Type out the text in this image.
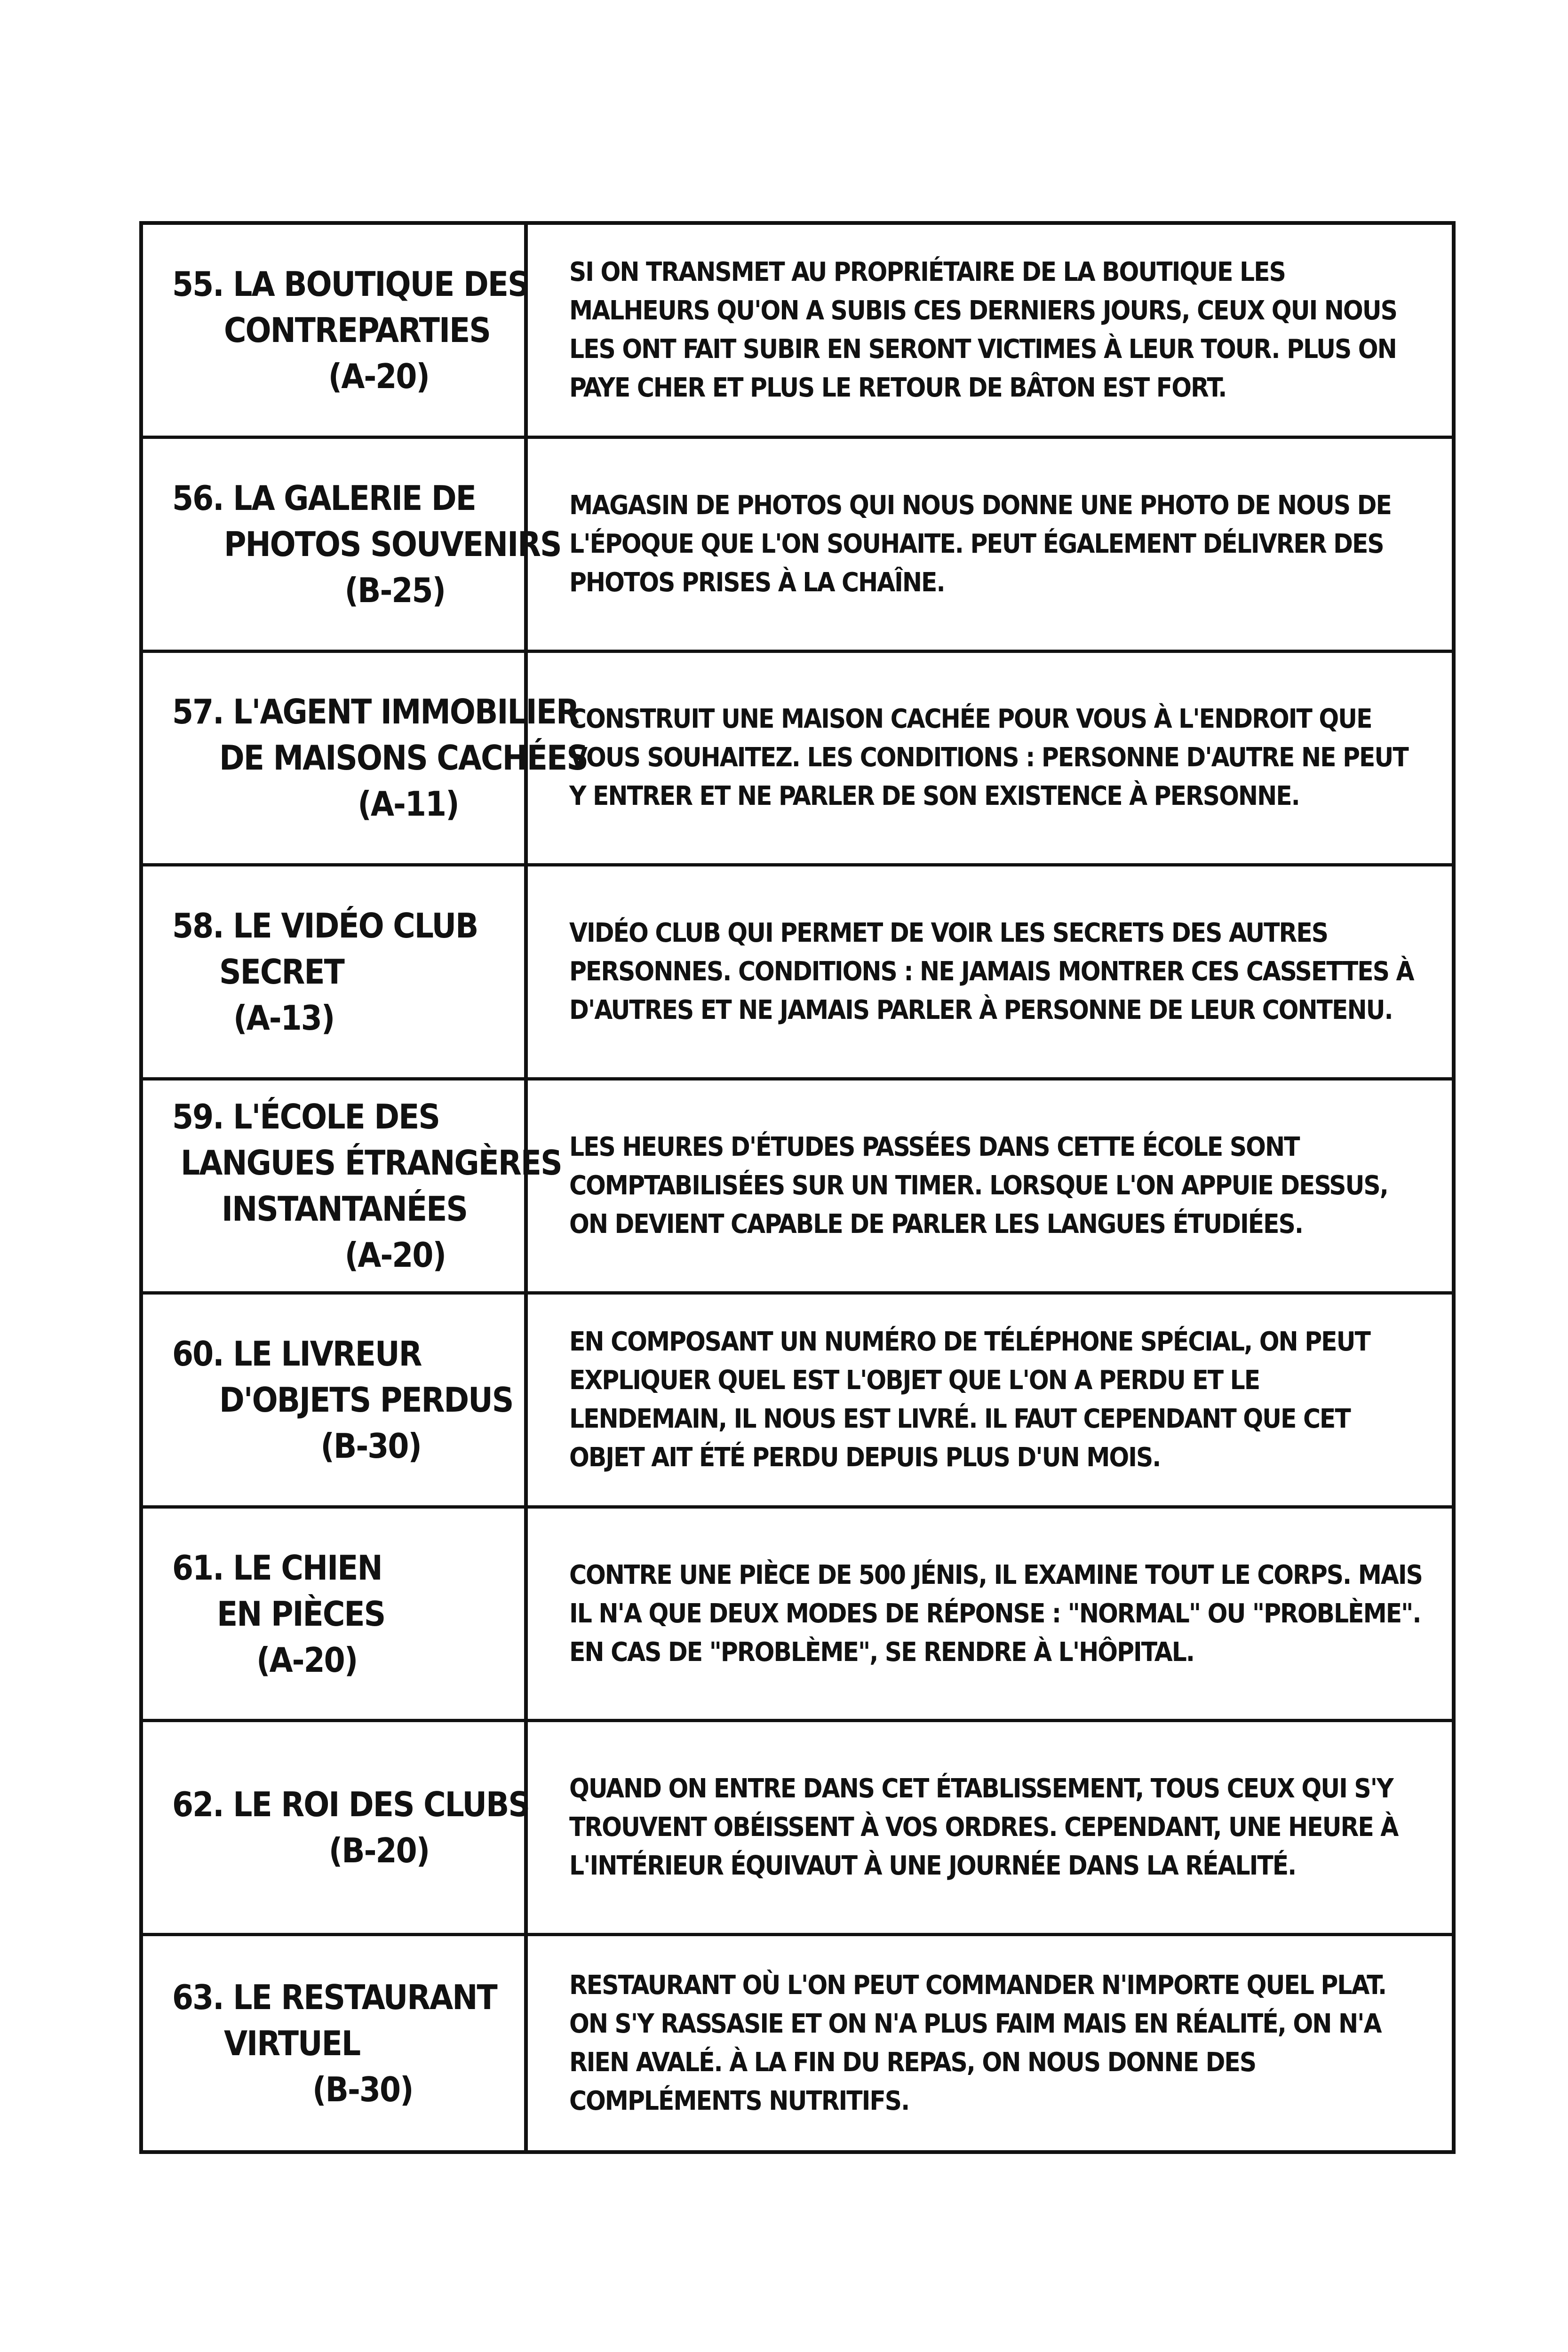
55. LA BOUTIQUE DES
CONTREPARTIES
(A-20)
SI ON TRANSMET AU PROPRIÉTAIRE DE LA BOUTIQUE LES MALHEURS QU'ON A SUBIS CES DERNIERS JOURS, CEUX QUI NOUS LES ONT FAIT SUBIR EN SERONT VICTIMES À LEUR TOUR. PLUS ON PAYE CHER ET PLUS LE RETOUR DE BÂTON EST FORT.
56. LA GALERIE DE
PHOTOS SOUVENIRS
(B-25)
MAGASIN DE PHOTOS QUI NOUS DONNE UNE PHOTO DE NOUS DE L'ÉPOQUE QUE L'ON SOUHAITE. PEUT ÉGALEMENT DÉLIVRER DES PHOTOS PRISES À LA CHAÎNE.
57. L'AGENT IMMOBILIER
DE MAISONS CACHÉES
(A-11)
CONSTRUIT UNE MAISON CACHÉE POUR VOUS À L'ENDROIT QUE VOUS SOUHAITEZ. LES CONDITIONS : PERSONNE D'AUTRE NE PEUT Y ENTRER ET NE PARLER DE SON EXISTENCE À PERSONNE.
58. LE VIDÉO CLUB
SECRET
(A-13)
VIDÉO CLUB QUI PERMET DE VOIR LES SECRETS DES AUTRES PERSONNES. CONDITIONS : NE JAMAIS MONTRER CES CASSETTES À D'AUTRES ET NE JAMAIS PARLER À PERSONNE DE LEUR CONTENU.
59. L'ÉCOLE DES
LANGUES ÉTRANGÈRES
INSTANTANÉES
(A-20)
LES HEURES D'ÉTUDES PASSÉES DANS CETTE ÉCOLE SONT COMPTABILISÉES SUR UN TIMER. LORSQUE L'ON APPUIE DESSUS, ON DEVIENT CAPABLE DE PARLER LES LANGUES ÉTUDIÉES.
60. LE LIVREUR
D'OBJETS PERDUS
(B-30)
EN COMPOSANT UN NUMÉRO DE TÉLÉPHONE SPÉCIAL, ON PEUT EXPLIQUER QUEL EST L'OBJET QUE L'ON A PERDU ET LE LENDEMAIN, IL NOUS EST LIVRÉ. IL FAUT CEPENDANT QUE CET OBJET AIT ÉTÉ PERDU DEPUIS PLUS D'UN MOIS.
61. LE CHIEN
EN PIÈCES
(A-20)
CONTRE UNE PIÈCE DE 500 JÉNIS, IL EXAMINE TOUT LE CORPS. MAIS IL N'A QUE DEUX MODES DE RÉPONSE : "NORMAL" OU "PROBLÈME". EN CAS DE "PROBLÈME", SE RENDRE À L'HÔPITAL.
62. LE ROI DES CLUBS
(B-20)
QUAND ON ENTRE DANS CET ÉTABLISSEMENT, TOUS CEUX QUI S'Y TROUVENT OBÉISSENT À VOS ORDRES. CEPENDANT, UNE HEURE À L'INTÉRIEUR ÉQUIVAUT À UNE JOURNÉE DANS LA RÉALITÉ.
63. LE RESTAURANT
VIRTUEL
(B-30)
RESTAURANT OÙ L'ON PEUT COMMANDER N'IMPORTE QUEL PLAT. ON S'Y RASSASIE ET ON N'A PLUS FAIM MAIS EN RÉALITÉ, ON N'A RIEN AVALÉ. À LA FIN DU REPAS, ON NOUS DONNE DES COMPLÉMENTS NUTRITIFS.
